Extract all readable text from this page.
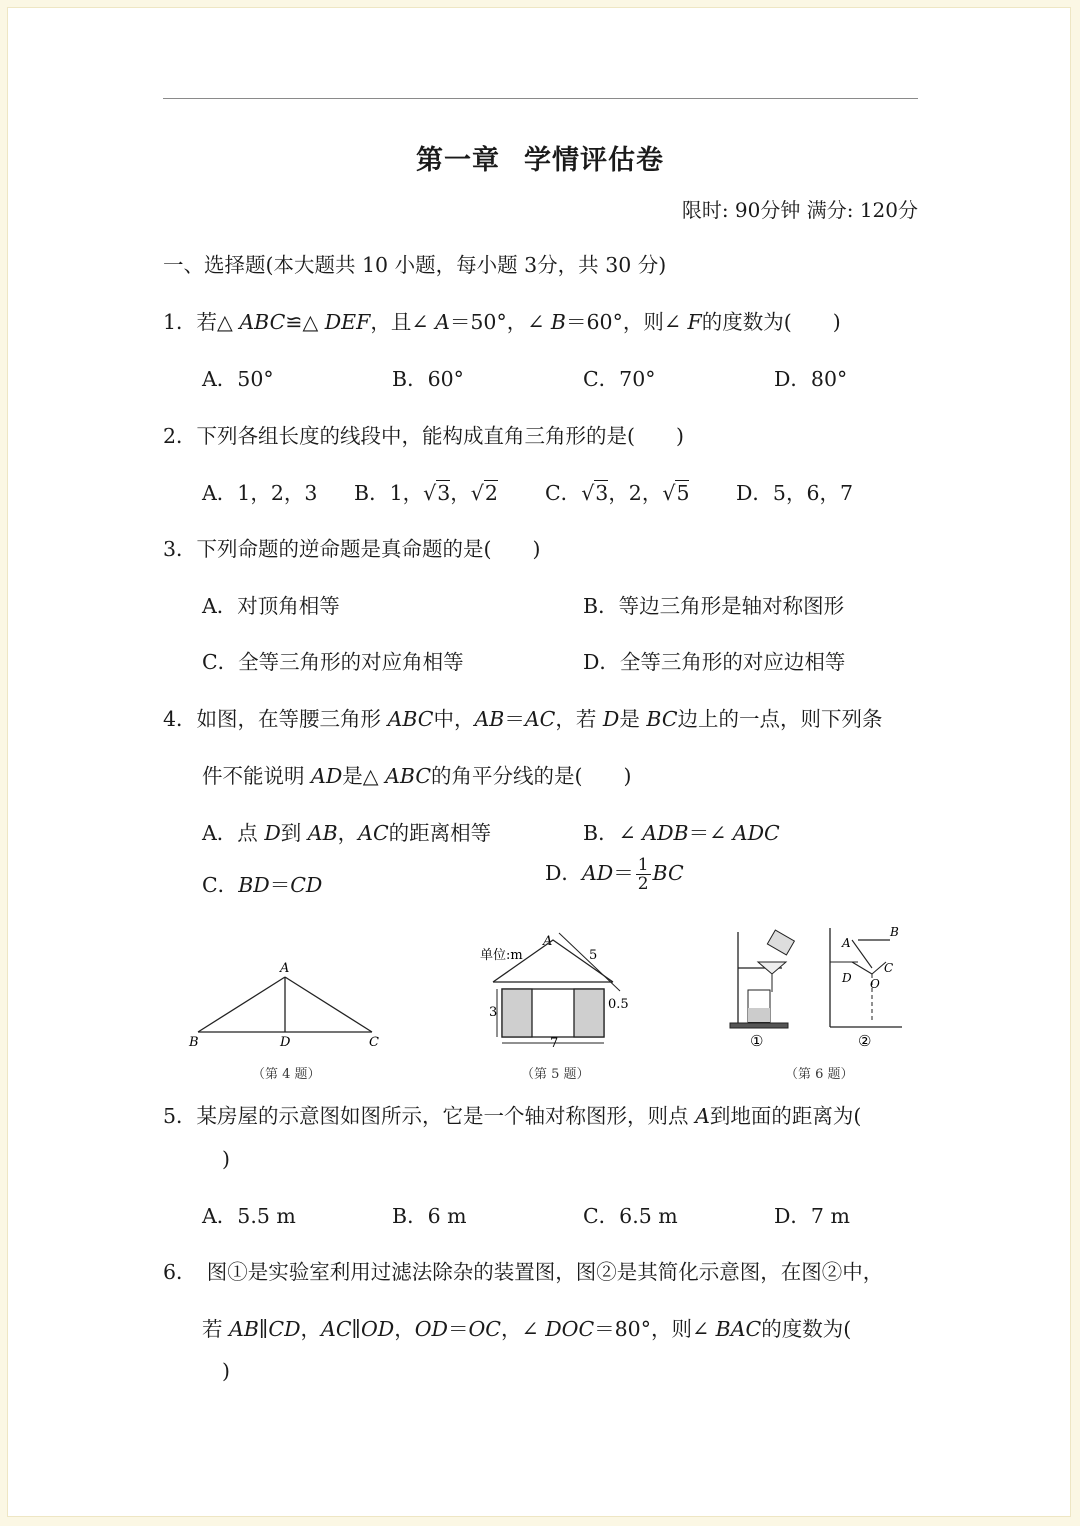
第一章 学情评估卷
限时: 90分钟 满分: 120分
一、选择题(本大题共 10 小题，每小题 3分，共 30 分)
1．若△ ABC≌△ DEF，且∠ A＝50°，∠ B＝60°，则∠ F的度数为(　　)
A．50°	B．60°	C．70°	D．80°
2．下列各组长度的线段中，能构成直角三角形的是(　　)
A．1，2，3 B．1，√3，√2 C．√3，2，√5 D．5，6，7
3．下列命题的逆命题是真命题的是(　　)
A．对顶角相等	B．等边三角形是轴对称图形
C．全等三角形的对应角相等	D．全等三角形的对应边相等
4．如图，在等腰三角形 ABC中，AB＝AC，若 D是 BC边上的一点，则下列条
件不能说明 AD是△ ABC的角平分线的是(　　)
A．点 D到 AB，AC的距离相等	B．∠ ADB＝∠ ADC
C．BD＝CD	D．$AD= \frac{1}{2}$ BC
A
B	D	C
（第 4 题）
单位:m
A
5
0.5
3
7
（第 5 题）
①
A
B
C
D O
②
（第 6 题）
5．某房屋的示意图如图所示，它是一个轴对称图形，则点 A到地面的距离为(
)
A．5.5 m	B．6 m	C．6.5 m	D．7 m
6．　图①是实验室利用过滤法除杂的装置图，图②是其简化示意图，在图②中，
若 AB∥CD，AC∥OD，OD＝OC，∠ DOC＝80°，则∠ BAC的度数为(
)
